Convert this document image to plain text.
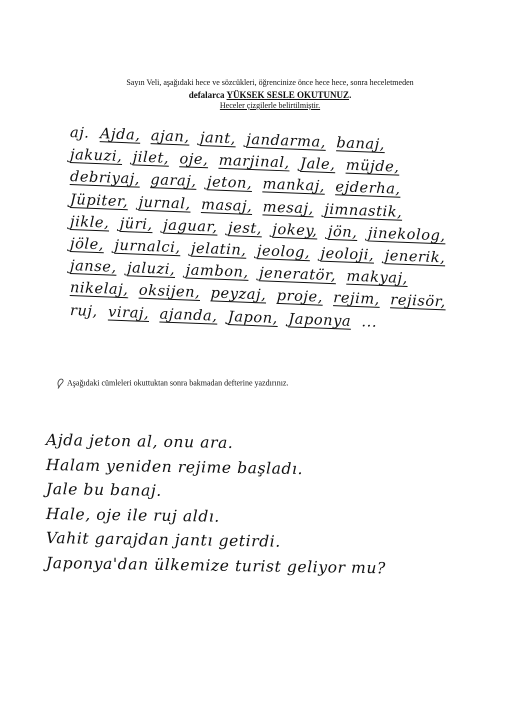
Sayın Veli, aşağıdaki hece ve sözcükleri, öğrencinize önce hece hece, sonra heceletmeden
defalarca YÜKSEK SESLE OKUTUNUZ.
Heceler çizgilerle belirtilmiştir.
aj. Ajda, ajan, jant, jandarma, banaj,
jakuzi, jilet, oje, marjinal, Jale, müjde,
debriyaj, garaj, jeton, mankaj, ejderha,
Jüpiter, jurnal, masaj, mesaj, jimnastik,
jikle, jüri, jaguar, jest, jokey, jön, jinekolog,
jöle, jurnalci, jelatin, jeolog, jeoloji, jenerik,
janse, jaluzi, jambon, jeneratör, makyaj,
nikelaj, oksijen, peyzaj, proje, rejim, rejisör,
ruj, viraj, ajanda, Japon, Japonya ...
Aşağıdaki cümleleri okuttuktan sonra bakmadan defterine yazdırınız.
Ajda jeton al, onu ara.
Halam yeniden rejime başladı.
Jale bu banaj.
Hale, oje ile ruj aldı.
Vahit garajdan jantı getirdi.
Japonya'dan ülkemize turist geliyor mu?
